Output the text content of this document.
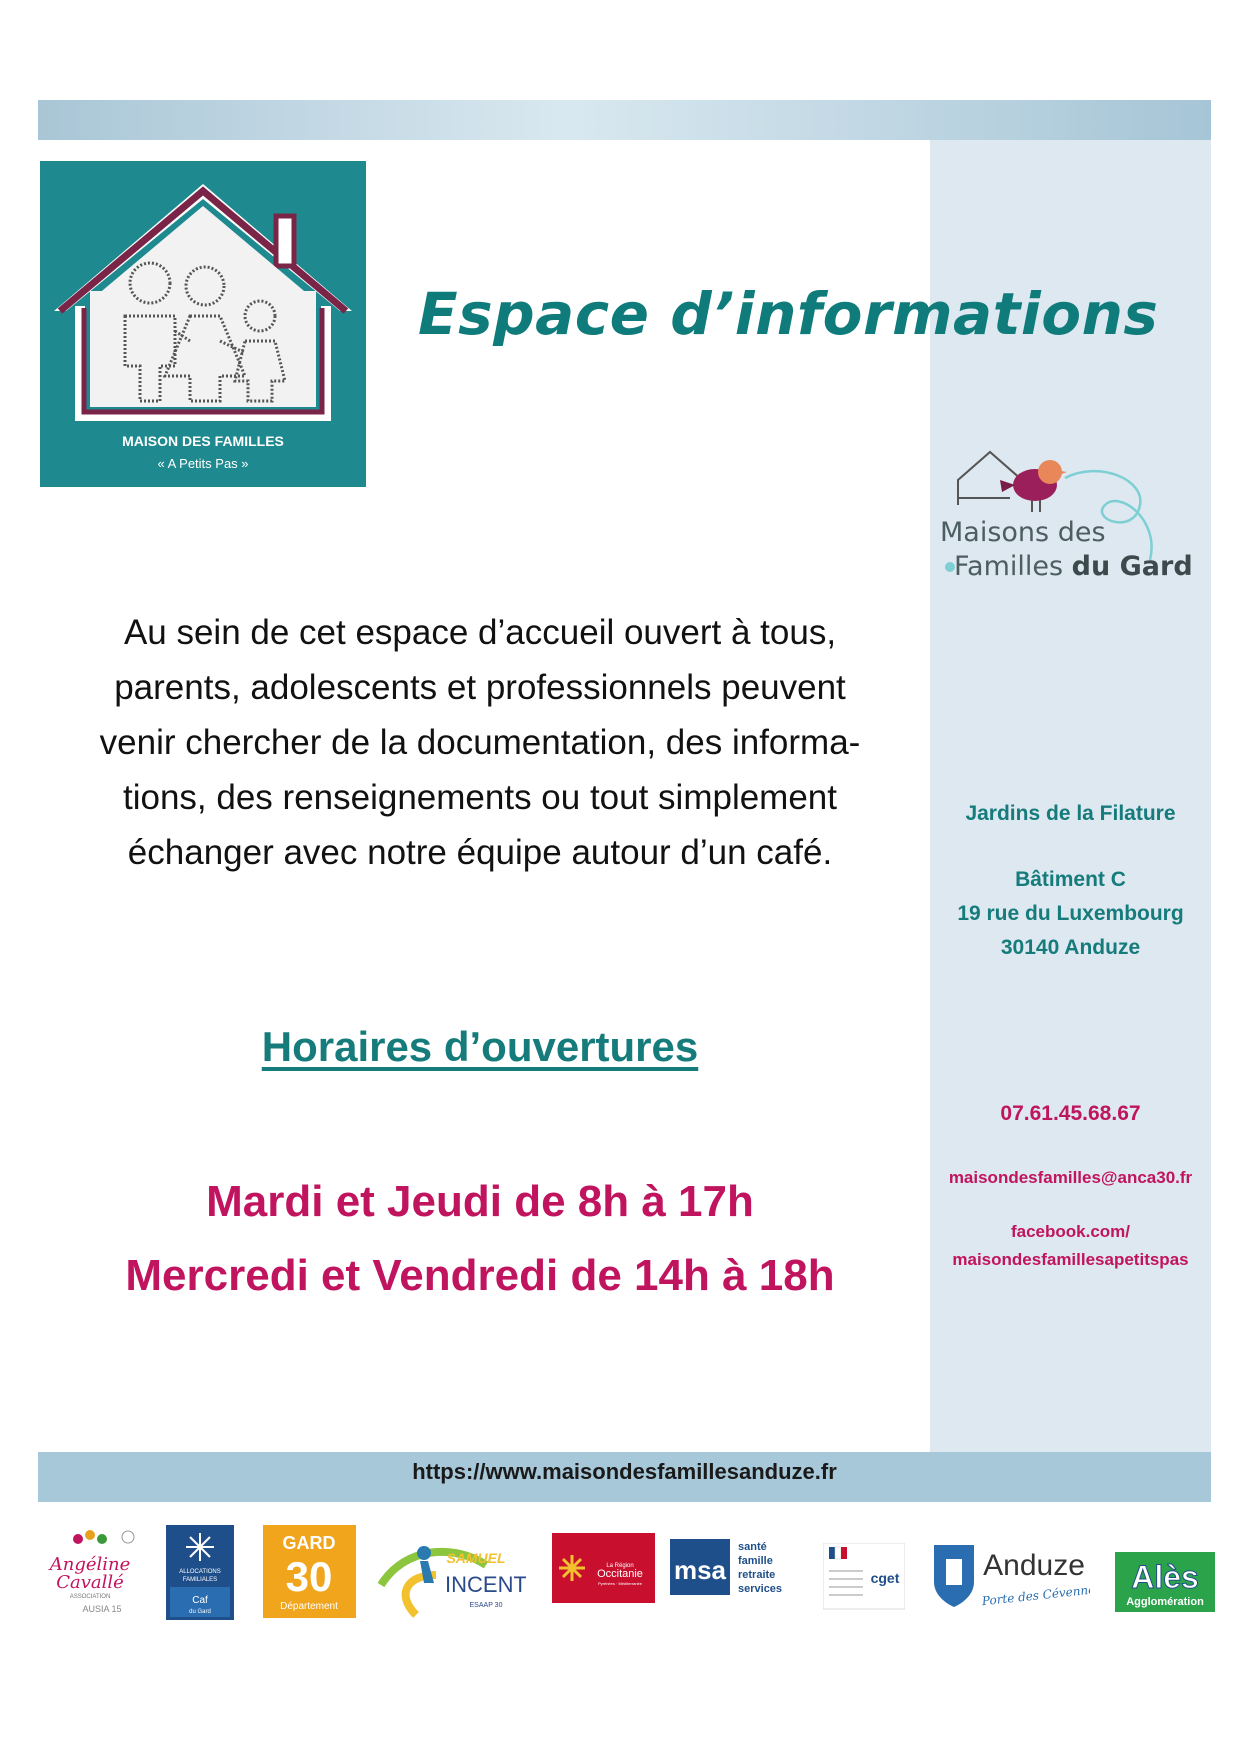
MAISON DES FAMILLES
« A Petits Pas »
Espace d’informations
Maisons des
Familles du Gard
Au sein de cet espace d’accueil ouvert à tous,
parents, adolescents et professionnels peuvent
venir chercher de la documentation, des informa-
tions, des renseignements ou tout simplement
échanger avec notre équipe autour d’un café.
Horaires d’ouvertures
Mardi et Jeudi de 8h à 17h
Mercredi et Vendredi de 14h à 18h
Jardins de la Filature
Bâtiment C
19 rue du Luxembourg
30140 Anduze
07.61.45.68.67
maisondesfamilles@anca30.fr
facebook.com/
maisondesfamillesapetitspas
https://www.maisondesfamillesanduze.fr
Angéline
Cavallé
ASSOCIATION
AUSIA 15
ALLOCATIONS
FAMILIALES
Caf
du Gard
GARD
30
Département
SAMUEL
INCENT
ESAAP 30
La Région
Occitanie
Pyrénées · Méditerranée msa
santé
famille
retraite
services
cget	Anduze
Porte des Cévennes
Alès
Agglomération
